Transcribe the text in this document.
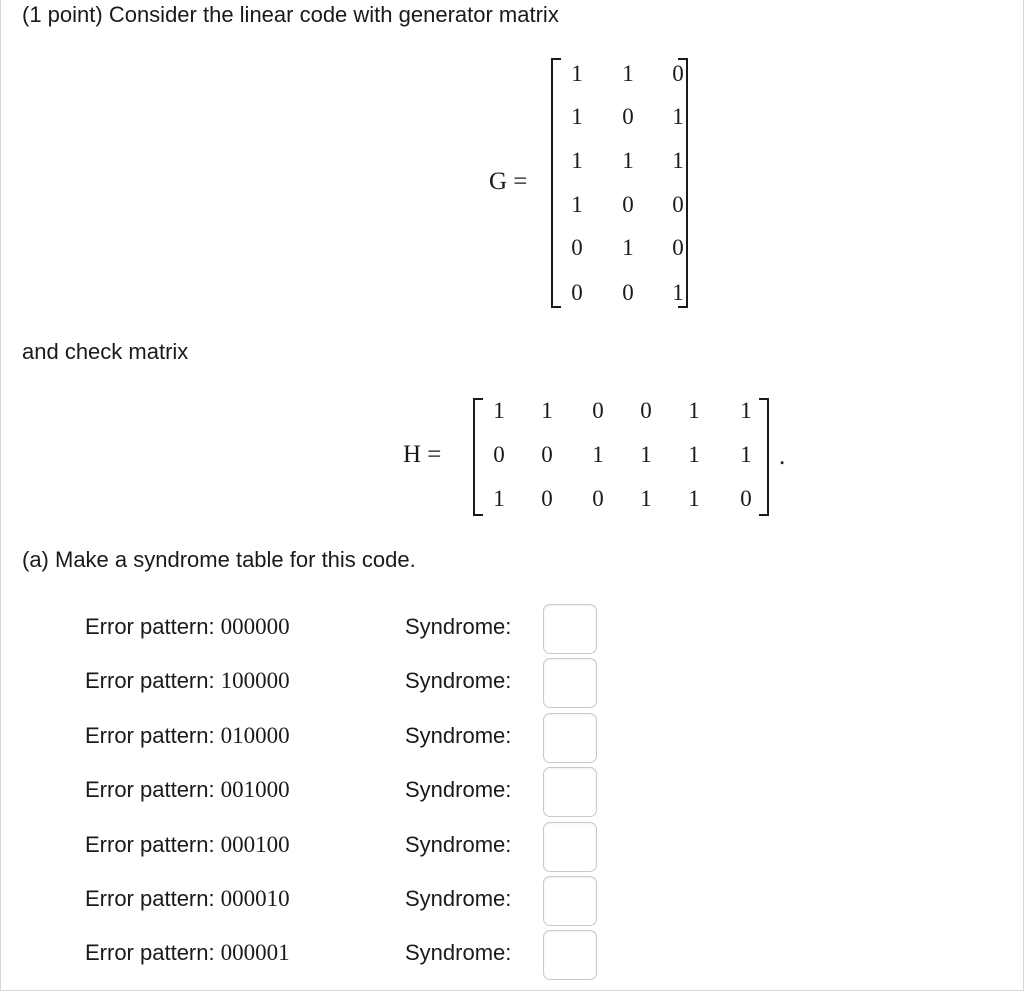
(1 point) Consider the linear code with generator matrix
G =
1	1	0
1	0	1
1	1	1
1	0	0
0	1	0
0	0	1
and check matrix
H =
1	1	0	0	1	1
0	0	1	1	1	1
1	0	0	1	1	0
.
(a) Make a syndrome table for this code.
Error pattern: 000000	Syndrome:
Error pattern: 100000	Syndrome:
Error pattern: 010000	Syndrome:
Error pattern: 001000	Syndrome:
Error pattern: 000100	Syndrome:
Error pattern: 000010	Syndrome:
Error pattern: 000001	Syndrome:
